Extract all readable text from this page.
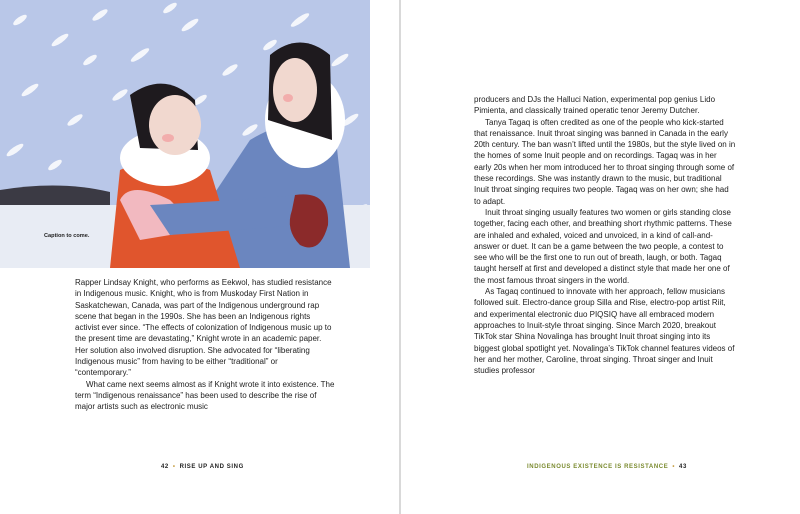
Caption to come.

Rapper Lindsay Knight, who performs as Eekwol, has studied resistance in Indigenous music. Knight, who is from Muskoday First Nation in Saskatchewan, Canada, was part of the Indigenous underground rap scene that began in the 1990s. She has been an Indigenous rights activist ever since. “The effects of colonization of Indigenous music up to the present time are devastating,” Knight wrote in an academic paper. Her solution also involved disruption. She advocated for “liberating Indigenous music” from having to be either “traditional” or “contemporary.”

What came next seems almost as if Knight wrote it into existence. The term “Indigenous renaissance” has been used to describe the rise of major artists such as electronic music

42 • RISE UP AND SING

producers and DJs the Halluci Nation, experimental pop genius Lido Pimienta, and classically trained operatic tenor Jeremy Dutcher.

Tanya Tagaq is often credited as one of the people who kick-started that renaissance. Inuit throat singing was banned in Canada in the early 20th century. The ban wasn’t lifted until the 1980s, but the style lived on in the homes of some Inuit people and on recordings. Tagaq was in her early 20s when her mom introduced her to throat singing through some of these recordings. She was instantly drawn to the music, but traditional Inuit throat singing requires two people. Tagaq was on her own; she had to adapt.

Inuit throat singing usually features two women or girls standing close together, facing each other, and breathing short rhythmic patterns. These are inhaled and exhaled, voiced and unvoiced, in a kind of call-and-answer or duet. It can be a game between the two people, a contest to see who will be the first one to run out of breath, laugh, or both. Tagaq taught herself at first and developed a distinct style that made her one of the most famous throat singers in the world.

As Tagaq continued to innovate with her approach, fellow musicians followed suit. Electro-dance group Silla and Rise, electro-pop artist Riit, and experimental electronic duo PIQSIQ have all embraced modern approaches to Inuit-style throat singing. Since March 2020, breakout TikTok star Shina Novalinga has brought Inuit throat singing into its biggest global spotlight yet. Novalinga’s TikTok channel features videos of her and her mother, Caroline, throat singing. Throat singer and Inuit studies professor

INDIGENOUS EXISTENCE IS RESISTANCE • 43
